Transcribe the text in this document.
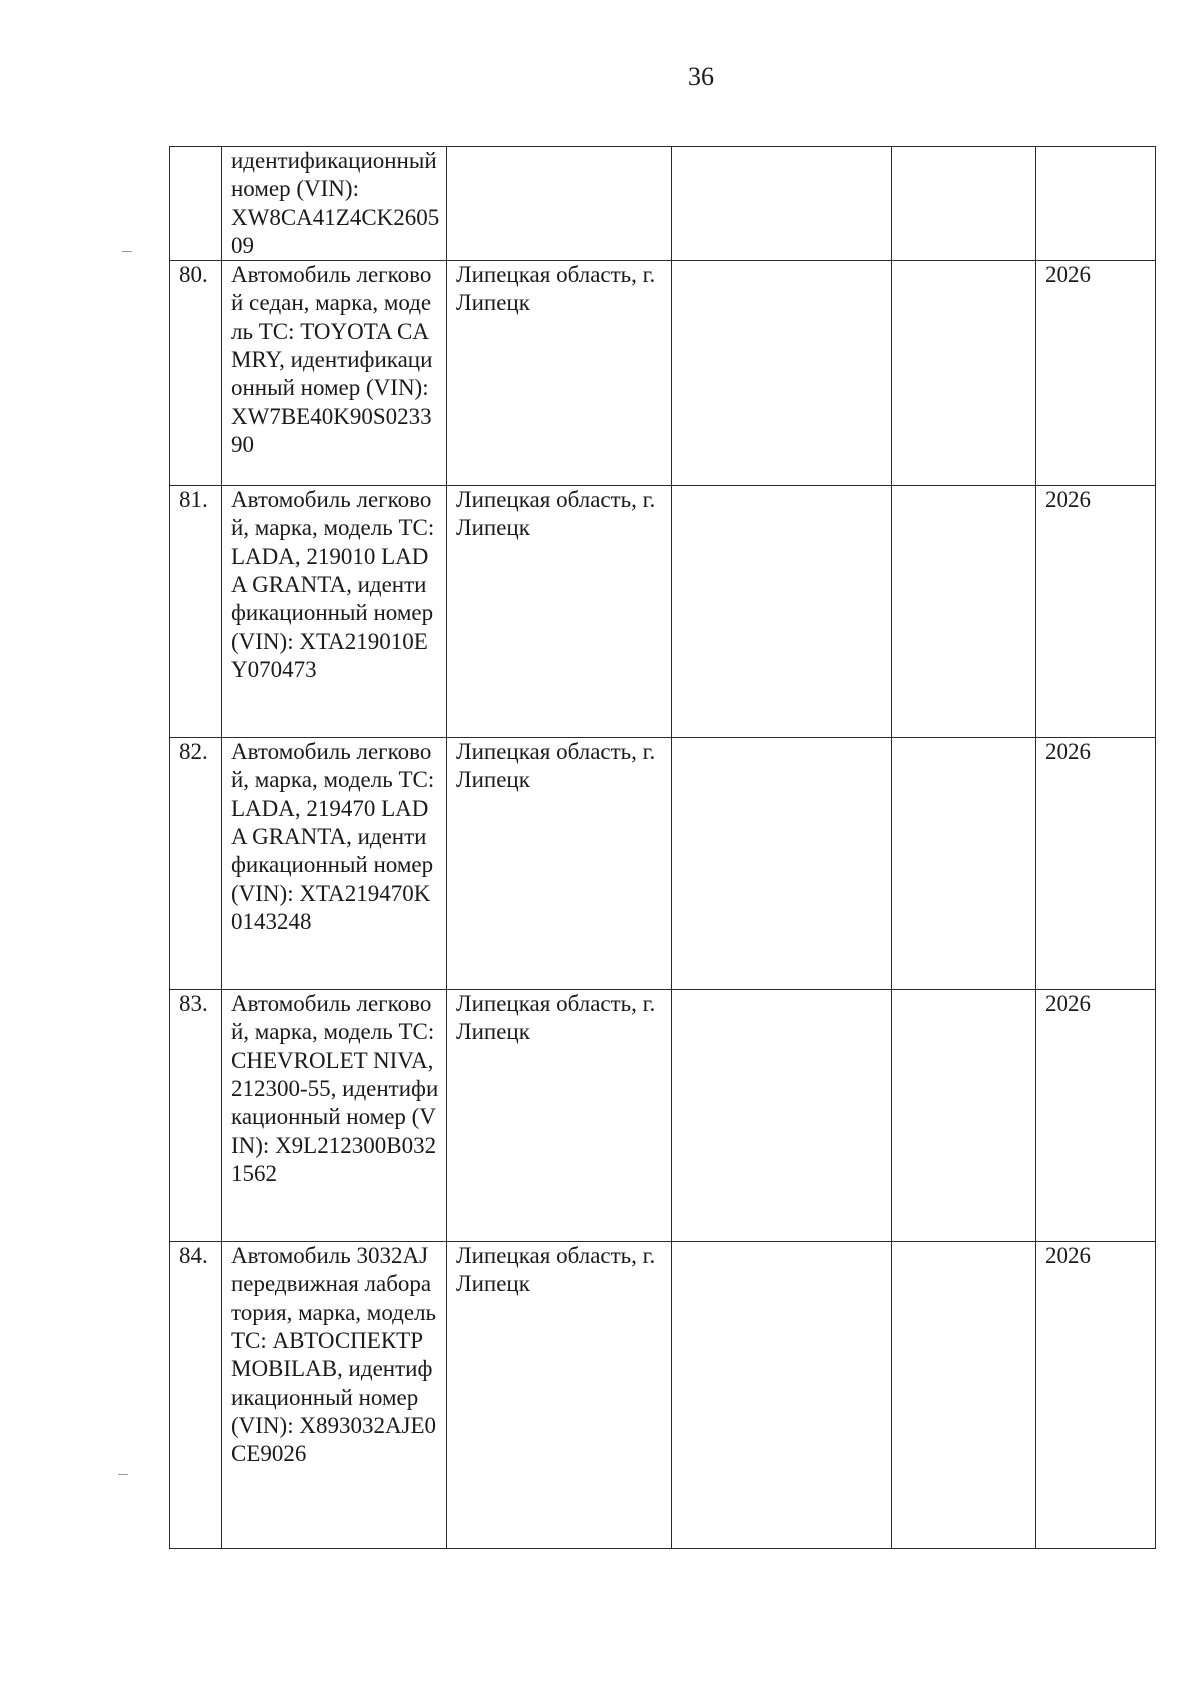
36
	идентификационный номер (VIN):
XW8CA41Z4CK260509				
80.	Автомобиль легковой седан, марка, модель ТС: TOYOTA CAMRY, идентификационный номер (VIN): XW7BE40K90S023390	Липецкая область, г. Липецк			2026
81.	Автомобиль легковой, марка, модель ТС: LADA, 219010 LADA GRANTA, идентификационный номер (VIN): XTA219010EY070473	Липецкая область, г. Липецк			2026
82.	Автомобиль легковой, марка, модель ТС: LADA, 219470 LADA GRANTA, идентификационный номер (VIN): XTA219470K0143248	Липецкая область, г. Липецк			2026
83.	Автомобиль легковой, марка, модель ТС: CHEVROLET NIVA, 212300-55, идентификационный номер (VIN): X9L212300B0321562	Липецкая область, г. Липецк			2026
84.	Автомобиль 3032AJ передвижная лаборатория, марка, модель ТС: АВТОСПЕКТР MOBILAB, идентификационный номер (VIN): X893032AJE0CE9026	Липецкая область, г. Липецк			2026
